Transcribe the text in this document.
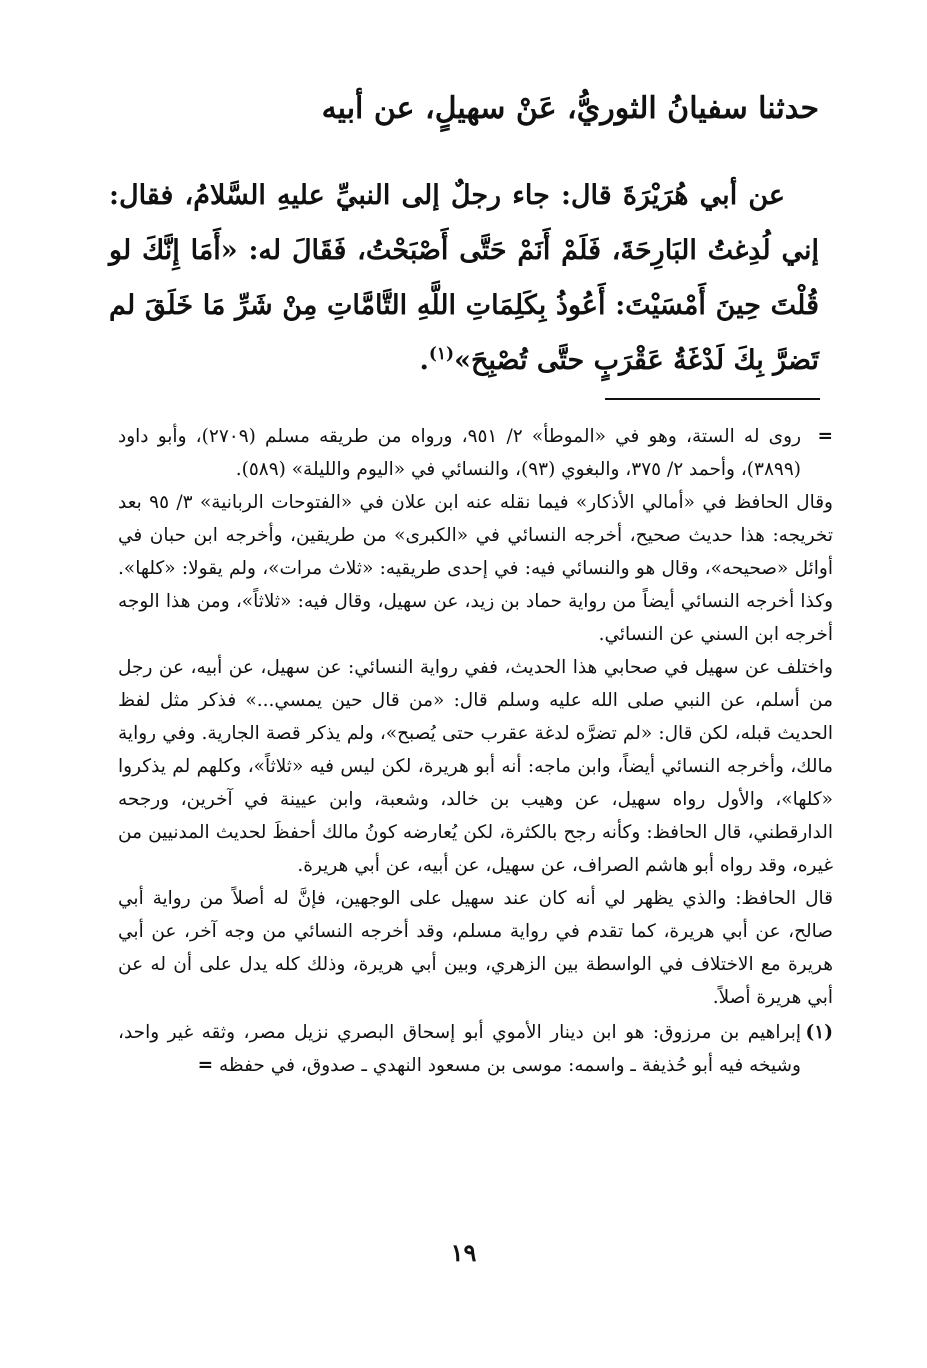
حدثنا سفيانُ الثوريُّ، عَنْ سهيلٍ، عن أبيه
عن أبي هُرَيْرَةَ قال: جاء رجلٌ إلى النبيِّ عليهِ السَّلامُ، فقال: إني لُدِغتُ البَارِحَةَ، فَلَمْ أَنَمْ حَتَّى أَصْبَحْتُ، فَقَالَ له: «أَمَا إِنَّكَ لو قُلْتَ حِينَ أَمْسَيْتَ: أَعُوذُ بِكَلِمَاتِ اللَّهِ التَّامَّاتِ مِنْ شَرِّ مَا خَلَقَ لم تَضرَّ بِكَ لَدْغَةُ عَقْرَبٍ حتَّى تُصْبِحَ»$^{(١)}$.
=

روى له الستة، وهو في «الموطأ» ٢/ ٩٥١، ورواه من طريقه مسلم (٢٧٠٩)، وأبو داود (٣٨٩٩)، وأحمد ٢/ ٣٧٥، والبغوي (٩٣)، والنسائي في «اليوم والليلة» (٥٨٩).

وقال الحافظ في «أمالي الأذكار» فيما نقله عنه ابن علان في «الفتوحات الربانية» ٣/ ٩٥ بعد تخريجه: هذا حديث صحيح، أخرجه النسائي في «الكبرى» من طريقين، وأخرجه ابن حبان في أوائل «صحيحه»، وقال هو والنسائي فيه: في إحدى طريقيه: «ثلاث مرات»، ولم يقولا: «كلها». وكذا أخرجه النسائي أيضاً من رواية حماد بن زيد، عن سهيل، وقال فيه: «ثلاثاً»، ومن هذا الوجه أخرجه ابن السني عن النسائي.

واختلف عن سهيل في صحابي هذا الحديث، ففي رواية النسائي: عن سهيل، عن أبيه، عن رجل من أسلم، عن النبي صلى الله عليه وسلم قال: «من قال حين يمسي...» فذكر مثل لفظ الحديث قبله، لكن قال: «لم تضرَّه لدغة عقرب حتى يُصبح»، ولم يذكر قصة الجارية. وفي رواية مالك، وأخرجه النسائي أيضاً، وابن ماجه: أنه أبو هريرة، لكن ليس فيه «ثلاثاً»، وكلهم لم يذكروا «كلها»، والأول رواه سهيل، عن وهيب بن خالد، وشعبة، وابن عيينة في آخرين، ورجحه الدارقطني، قال الحافظ: وكأنه رجح بالكثرة، لكن يُعارضه كونُ مالك أحفظَ لحديث المدنيين من غيره، وقد رواه أبو هاشم الصراف، عن سهيل، عن أبيه، عن أبي هريرة.

قال الحافظ: والذي يظهر لي أنه كان عند سهيل على الوجهين، فإنَّ له أصلاً من رواية أبي صالح، عن أبي هريرة، كما تقدم في رواية مسلم، وقد أخرجه النسائي من وجه آخر، عن أبي هريرة مع الاختلاف في الواسطة بين الزهري، وبين أبي هريرة، وذلك كله يدل على أن له عن أبي هريرة أصلاً.

(١)

إبراهيم بن مرزوق: هو ابن دينار الأموي أبو إسحاق البصري نزيل مصر، وثقه غير واحد، وشيخه فيه أبو حُذيفة ـ واسمه: موسى بن مسعود النهدي ـ صدوق، في حفظه =

١٩
